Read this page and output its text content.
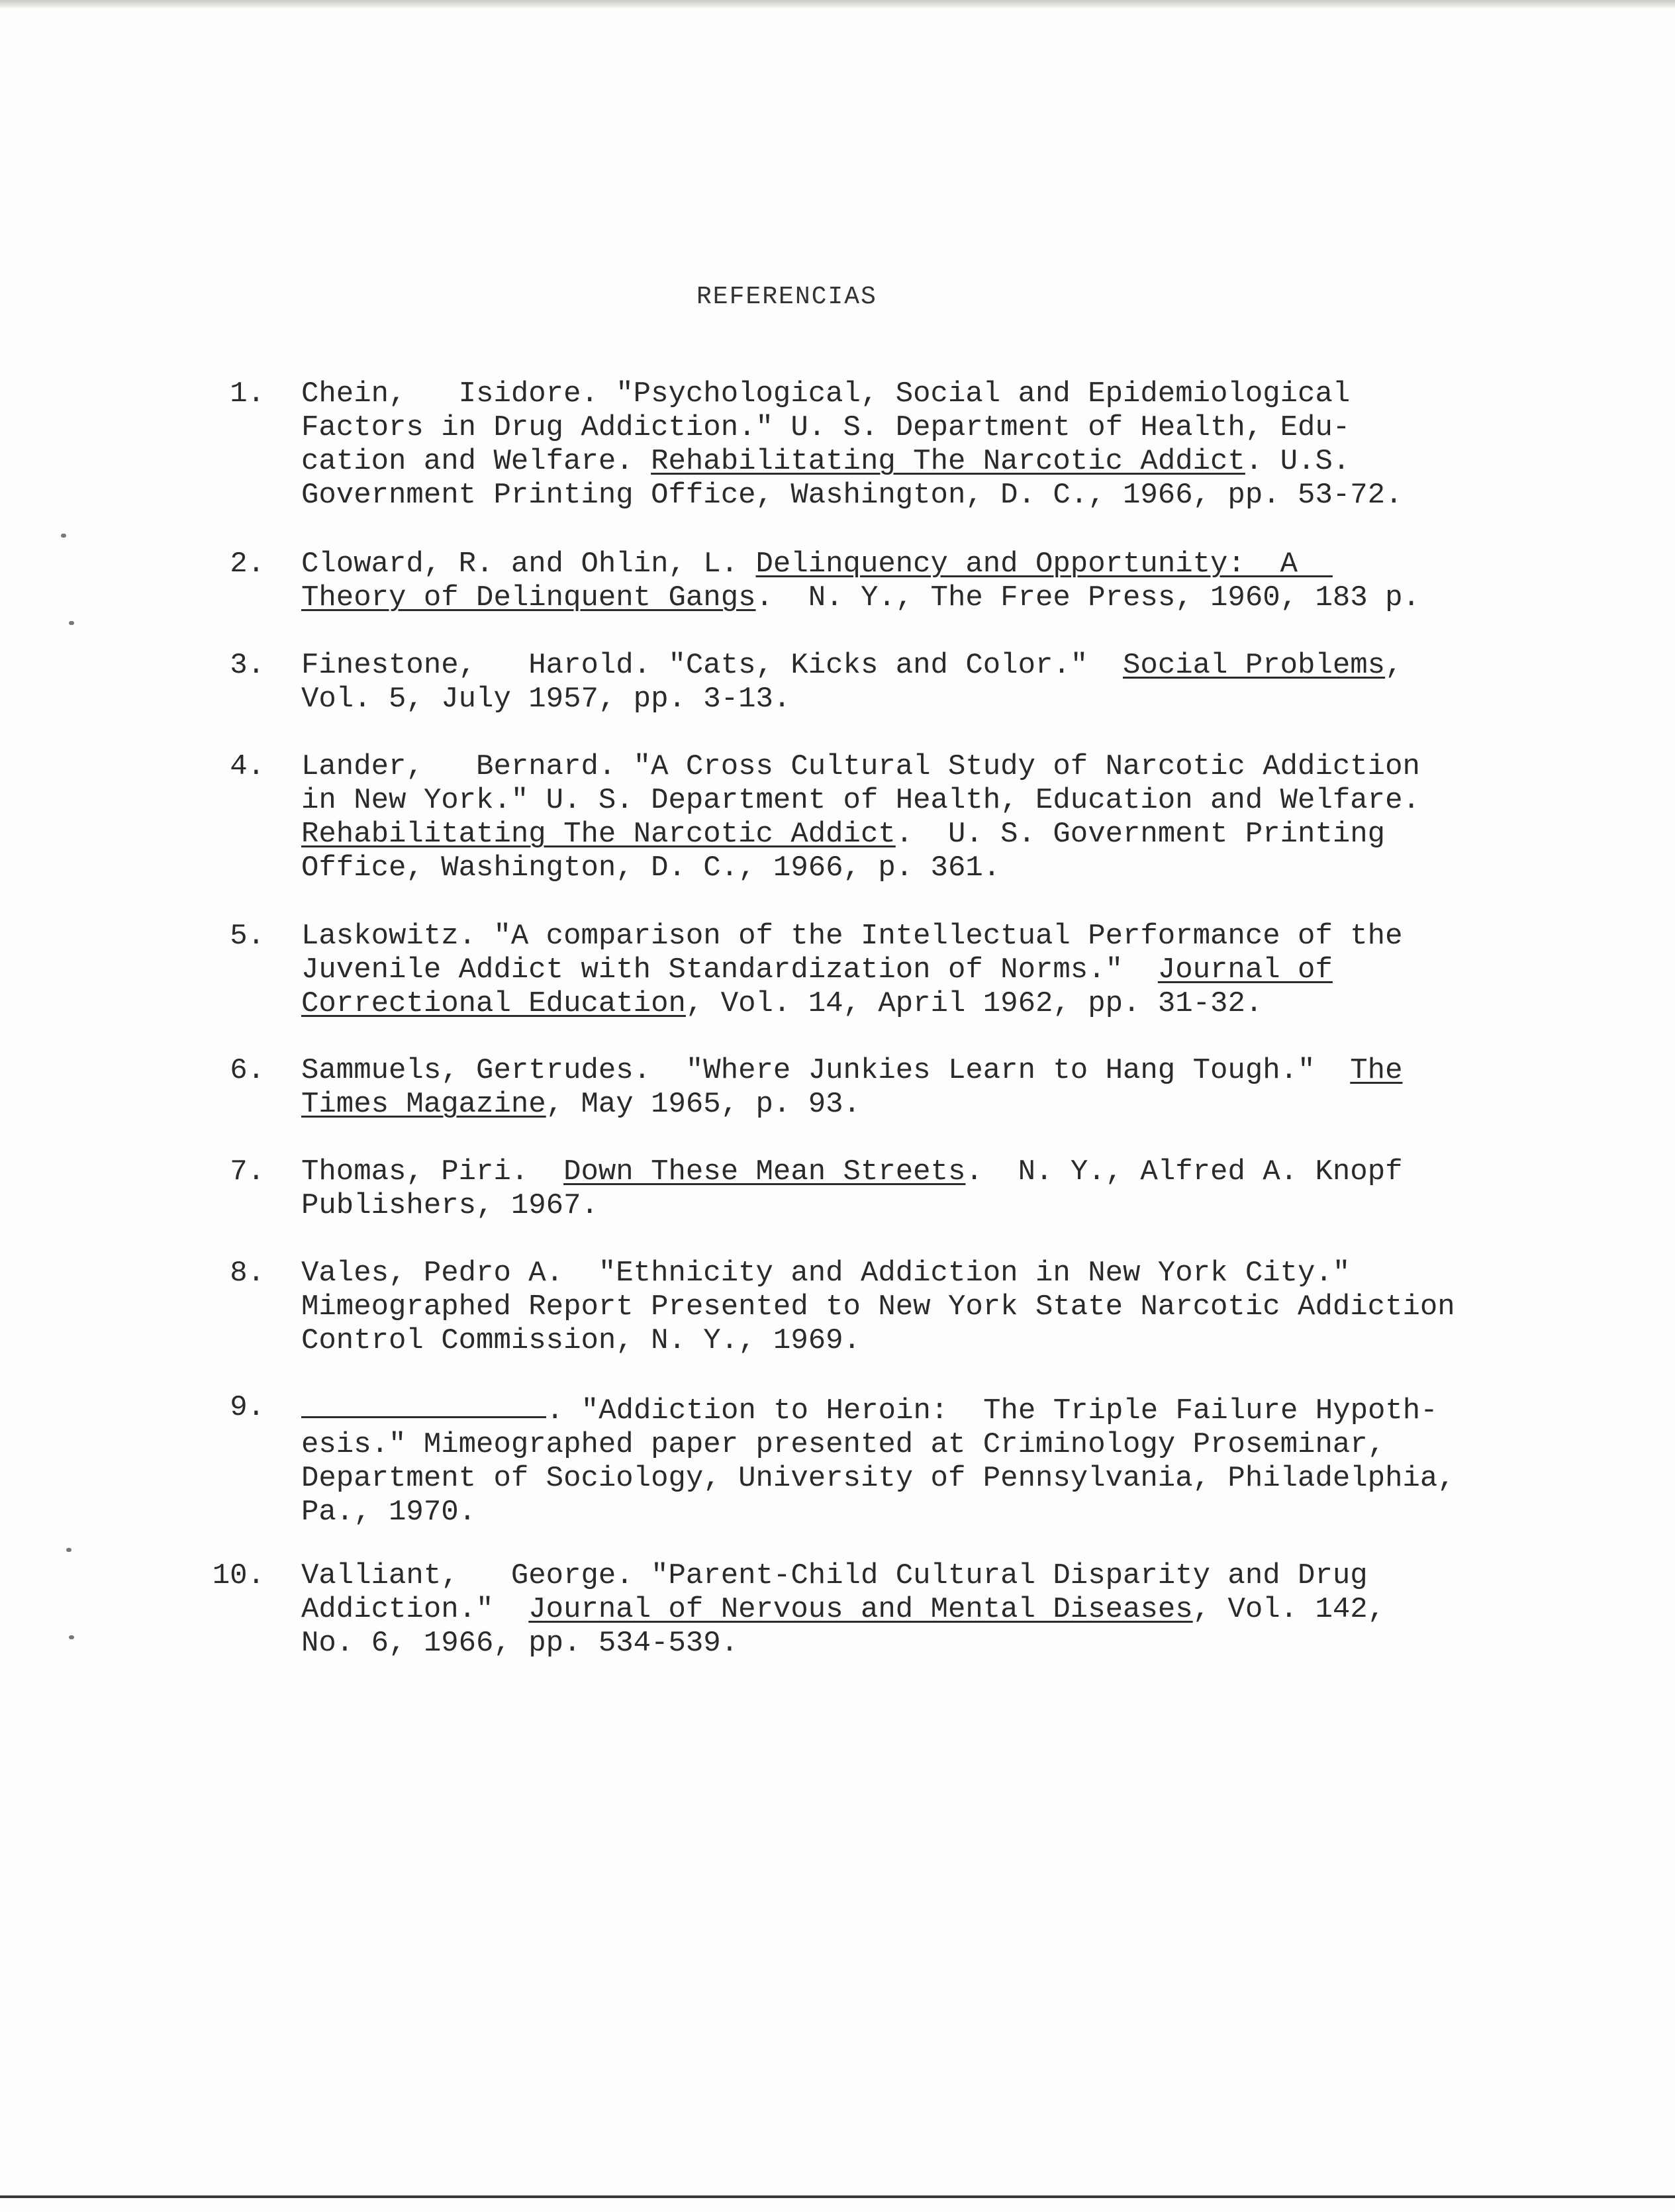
REFERENCIAS
1. Chein,   Isidore. "Psychological, Social and Epidemiological
Factors in Drug Addiction." U. S. Department of Health, Edu-
cation and Welfare. Rehabilitating The Narcotic Addict. U.S.
Government Printing Office, Washington, D. C., 1966, pp. 53-72.
2. Cloward, R. and Ohlin, L. Delinquency and Opportunity:  A
Theory of Delinquent Gangs.  N. Y., The Free Press, 1960, 183 p.
3. Finestone,   Harold. "Cats, Kicks and Color."  Social Problems,
Vol. 5, July 1957, pp. 3-13.
4. Lander,   Bernard. "A Cross Cultural Study of Narcotic Addiction
in New York." U. S. Department of Health, Education and Welfare.
Rehabilitating The Narcotic Addict.  U. S. Government Printing
Office, Washington, D. C., 1966, p. 361.
5. Laskowitz. "A comparison of the Intellectual Performance of the
Juvenile Addict with Standardization of Norms."  Journal of
Correctional Education, Vol. 14, April 1962, pp. 31-32.
6. Sammuels, Gertrudes.  "Where Junkies Learn to Hang Tough."  The
Times Magazine, May 1965, p. 93.
7. Thomas, Piri.  Down These Mean Streets.  N. Y., Alfred A. Knopf
Publishers, 1967.
8. Vales, Pedro A.  "Ethnicity and Addiction in New York City."
Mimeographed Report Presented to New York State Narcotic Addiction
Control Commission, N. Y., 1969.
9.	. "Addiction to Heroin:  The Triple Failure Hypoth-
esis." Mimeographed paper presented at Criminology Proseminar,
Department of Sociology, University of Pennsylvania, Philadelphia,
Pa., 1970.
10. Valliant,   George. "Parent-Child Cultural Disparity and Drug
Addiction."  Journal of Nervous and Mental Diseases, Vol. 142,
No. 6, 1966, pp. 534-539.
